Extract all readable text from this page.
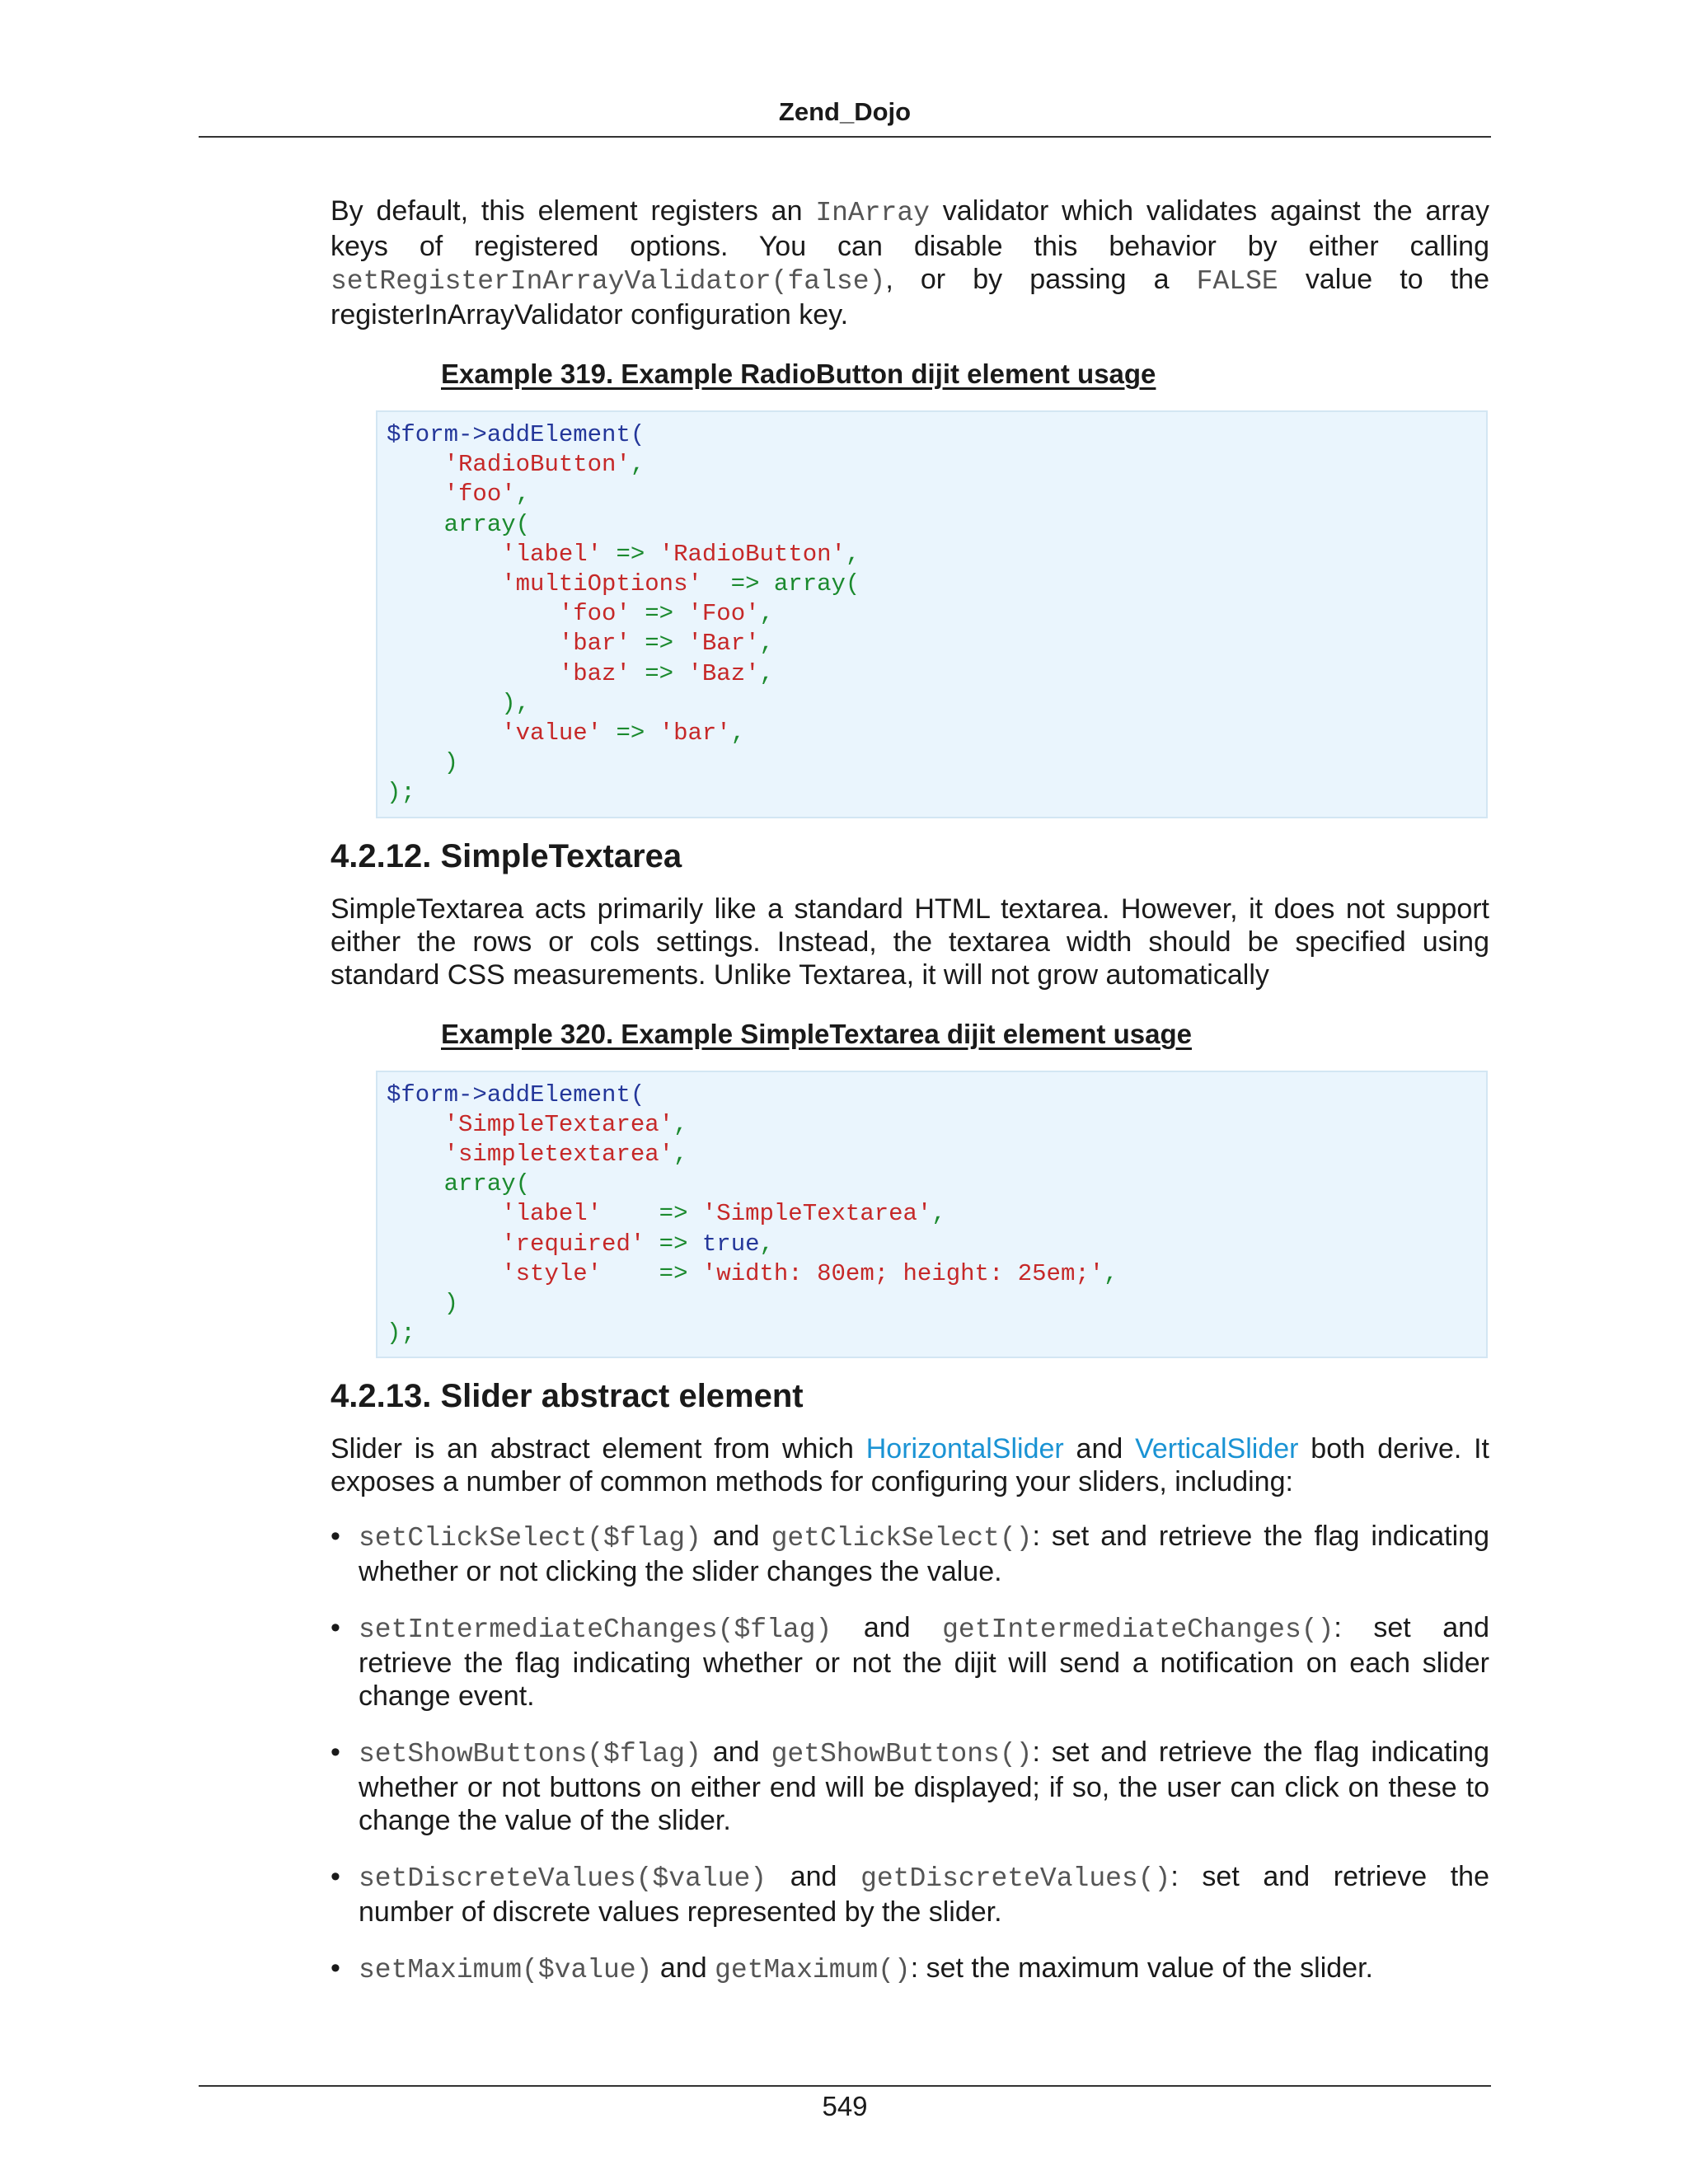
Zend_Dojo

By default, this element registers an InArray validator which validates against the array keys of registered options. You can disable this behavior by either calling setRegisterInArrayValidator(false), or by passing a FALSE value to the registerInArrayValidator configuration key.

Example 319. Example RadioButton dijit element usage

$form->addElement(
'RadioButton',
'foo',
array(
'label' => 'RadioButton',
'multiOptions'  => array(
'foo' => 'Foo',
'bar' => 'Bar',
'baz' => 'Baz',
),
'value' => 'bar',
)
);
4.2.12. SimpleTextarea

SimpleTextarea acts primarily like a standard HTML textarea. However, it does not support either the rows or cols settings. Instead, the textarea width should be specified using standard CSS measurements. Unlike Textarea, it will not grow automatically

Example 320. Example SimpleTextarea dijit element usage

$form->addElement(
'SimpleTextarea',
'simpletextarea',
array(
'label'    => 'SimpleTextarea',
'required' => true,
'style'    => 'width: 80em; height: 25em;',
)
);
4.2.13. Slider abstract element

Slider is an abstract element from which HorizontalSlider and VerticalSlider both derive. It exposes a number of common methods for configuring your sliders, including:

• setClickSelect($flag) and getClickSelect(): set and retrieve the flag indicating whether or not clicking the slider changes the value.
• setIntermediateChanges($flag) and getIntermediateChanges(): set and retrieve the flag indicating whether or not the dijit will send a notification on each slider change event.
• setShowButtons($flag) and getShowButtons(): set and retrieve the flag indicating whether or not buttons on either end will be displayed; if so, the user can click on these to change the value of the slider.
• setDiscreteValues($value) and getDiscreteValues(): set and retrieve the number of discrete values represented by the slider.
• setMaximum($value) and getMaximum(): set the maximum value of the slider.
549
